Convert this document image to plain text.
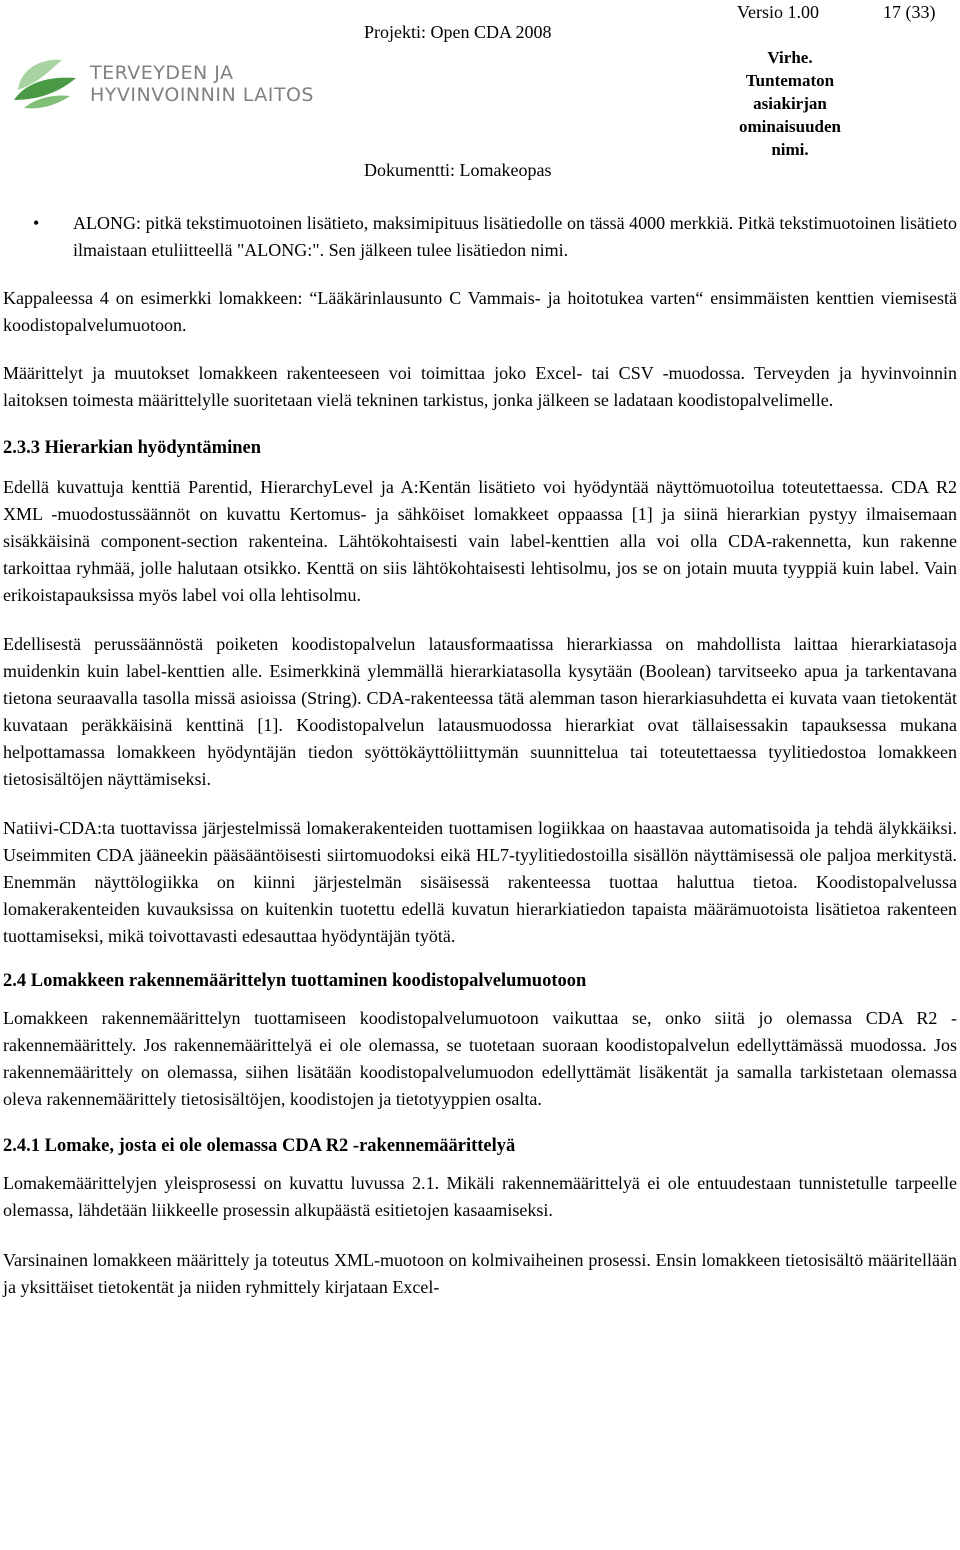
TERVEYDEN JA
HYVINVOINNIN LAITOS
Versio 1.00	17 (33)
Projekti: Open CDA 2008
Dokumentti: Lomakeopas
Virhe.
Tuntematon
asiakirjan
ominaisuuden
nimi.

• ALONG: pitkä tekstimuotoinen lisätieto, maksimipituus lisätiedolle on tässä 4000 merkkiä. Pitkä tekstimuotoinen lisätieto ilmaistaan etuliitteellä "ALONG:". Sen jälkeen tulee lisätiedon nimi.

Kappaleessa 4 on esimerkki lomakkeen: “Lääkärinlausunto C Vammais- ja hoitotukea varten“ ensimmäisten kenttien viemisestä koodistopalvelumuotoon.

Määrittelyt ja muutokset lomakkeen rakenteeseen voi toimittaa joko Excel- tai CSV -muodossa. Terveyden ja hyvinvoinnin laitoksen toimesta määrittelylle suoritetaan vielä tekninen tarkistus, jonka jälkeen se ladataan koodistopalvelimelle.

2.3.3 Hierarkian hyödyntäminen

Edellä kuvattuja kenttiä Parentid, HierarchyLevel ja A:Kentän lisätieto voi hyödyntää näyttömuotoilua toteutettaessa. CDA R2 XML -muodostussäännöt on kuvattu Kertomus- ja sähköiset lomakkeet oppaassa [1] ja siinä hierarkian pystyy ilmaisemaan sisäkkäisinä component-section rakenteina. Lähtökohtaisesti vain label-kenttien alla voi olla CDA-rakennetta, kun rakenne tarkoittaa ryhmää, jolle halutaan otsikko. Kenttä on siis lähtökohtaisesti lehtisolmu, jos se on jotain muuta tyyppiä kuin label. Vain erikoistapauksissa myös label voi olla lehtisolmu.

Edellisestä perussäännöstä poiketen koodistopalvelun latausformaatissa hierarkiassa on mahdollista laittaa hierarkiatasoja muidenkin kuin label-kenttien alle. Esimerkkinä ylemmällä hierarkiatasolla kysytään (Boolean) tarvitseeko apua ja tarkentavana tietona seuraavalla tasolla missä asioissa (String). CDA-rakenteessa tätä alemman tason hierarkiasuhdetta ei kuvata vaan tietokentät kuvataan peräkkäisinä kenttinä [1]. Koodistopalvelun latausmuodossa hierarkiat ovat tällaisessakin tapauksessa mukana helpottamassa lomakkeen hyödyntäjän tiedon syöttökäyttöliittymän suunnittelua tai toteutettaessa tyylitiedostoa lomakkeen tietosisältöjen näyttämiseksi.

Natiivi-CDA:ta tuottavissa järjestelmissä lomakerakenteiden tuottamisen logiikkaa on haastavaa automatisoida ja tehdä älykkäiksi. Useimmiten CDA jääneekin pääsääntöisesti siirtomuodoksi eikä HL7-tyylitiedostoilla sisällön näyttämisessä ole paljoa merkitystä. Enemmän näyttölogiikka on kiinni järjestelmän sisäisessä rakenteessa tuottaa haluttua tietoa. Koodistopalvelussa lomakerakenteiden kuvauksissa on kuitenkin tuotettu edellä kuvatun hierarkiatiedon tapaista määrämuotoista lisätietoa rakenteen tuottamiseksi, mikä toivottavasti edesauttaa hyödyntäjän työtä.

2.4 Lomakkeen rakennemäärittelyn tuottaminen koodistopalvelumuotoon

Lomakkeen rakennemäärittelyn tuottamiseen koodistopalvelumuotoon vaikuttaa se, onko siitä jo olemassa CDA R2 -rakennemäärittely. Jos rakennemäärittelyä ei ole olemassa, se tuotetaan suoraan koodistopalvelun edellyttämässä muodossa. Jos rakennemäärittely on olemassa, siihen lisätään koodistopalvelumuodon edellyttämät lisäkentät ja samalla tarkistetaan olemassa oleva rakennemäärittely tietosisältöjen, koodistojen ja tietotyyppien osalta.

2.4.1 Lomake, josta ei ole olemassa CDA R2 -rakennemäärittelyä

Lomakemäärittelyjen yleisprosessi on kuvattu luvussa 2.1. Mikäli rakennemäärittelyä ei ole entuudestaan tunnistetulle tarpeelle olemassa, lähdetään liikkeelle prosessin alkupäästä esitietojen kasaamiseksi.

Varsinainen lomakkeen määrittely ja toteutus XML-muotoon on kolmivaiheinen prosessi. Ensin lomakkeen tietosisältö määritellään ja yksittäiset tietokentät ja niiden ryhmittely kirjataan Excel-
